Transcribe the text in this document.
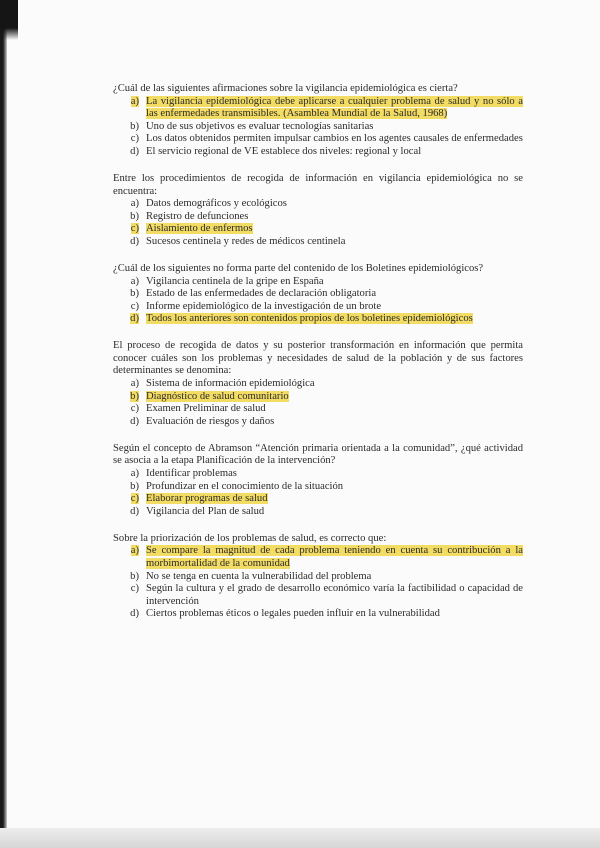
¿Cuál de las siguientes afirmaciones sobre la vigilancia epidemiológica es cierta?
a) La vigilancia epidemiológica debe aplicarse a cualquier problema de salud y no sólo a las enfermedades transmisibles. (Asamblea Mundial de la Salud, 1968)
b) Uno de sus objetivos es evaluar tecnologías sanitarias
c) Los datos obtenidos permiten impulsar cambios en los agentes causales de enfermedades
d) El servicio regional de VE establece dos niveles: regional y local
Entre los procedimientos de recogida de información en vigilancia epidemiológica no se encuentra:
a) Datos demográficos y ecológicos
b) Registro de defunciones
c) Aislamiento de enfermos
d) Sucesos centinela y redes de médicos centinela
¿Cuál de los siguientes no forma parte del contenido de los Boletines epidemiológicos?
a) Vigilancia centinela de la gripe en España
b) Estado de las enfermedades de declaración obligatoria
c) Informe epidemiológico de la investigación de un brote
d) Todos los anteriores son contenidos propios de los boletines epidemiológicos
El proceso de recogida de datos y su posterior transformación en información que permita conocer cuáles son los problemas y necesidades de salud de la población y de sus factores determinantes se denomina:
a) Sistema de información epidemiológica
b) Diagnóstico de salud comunitario
c) Examen Preliminar de salud
d) Evaluación de riesgos y daños
Según el concepto de Abramson “Atención primaria orientada a la comunidad”, ¿qué actividad se asocia a la etapa Planificación de la intervención?
a) Identificar problemas
b) Profundizar en el conocimiento de la situación
c) Elaborar programas de salud
d) Vigilancia del Plan de salud
Sobre la priorización de los problemas de salud, es correcto que:
a) Se compare la magnitud de cada problema teniendo en cuenta su contribución a la morbimortalidad de la comunidad
b) No se tenga en cuenta la vulnerabilidad del problema
c) Según la cultura y el grado de desarrollo económico varía la factibilidad o capacidad de intervención
d) Ciertos problemas éticos o legales pueden influir en la vulnerabilidad
